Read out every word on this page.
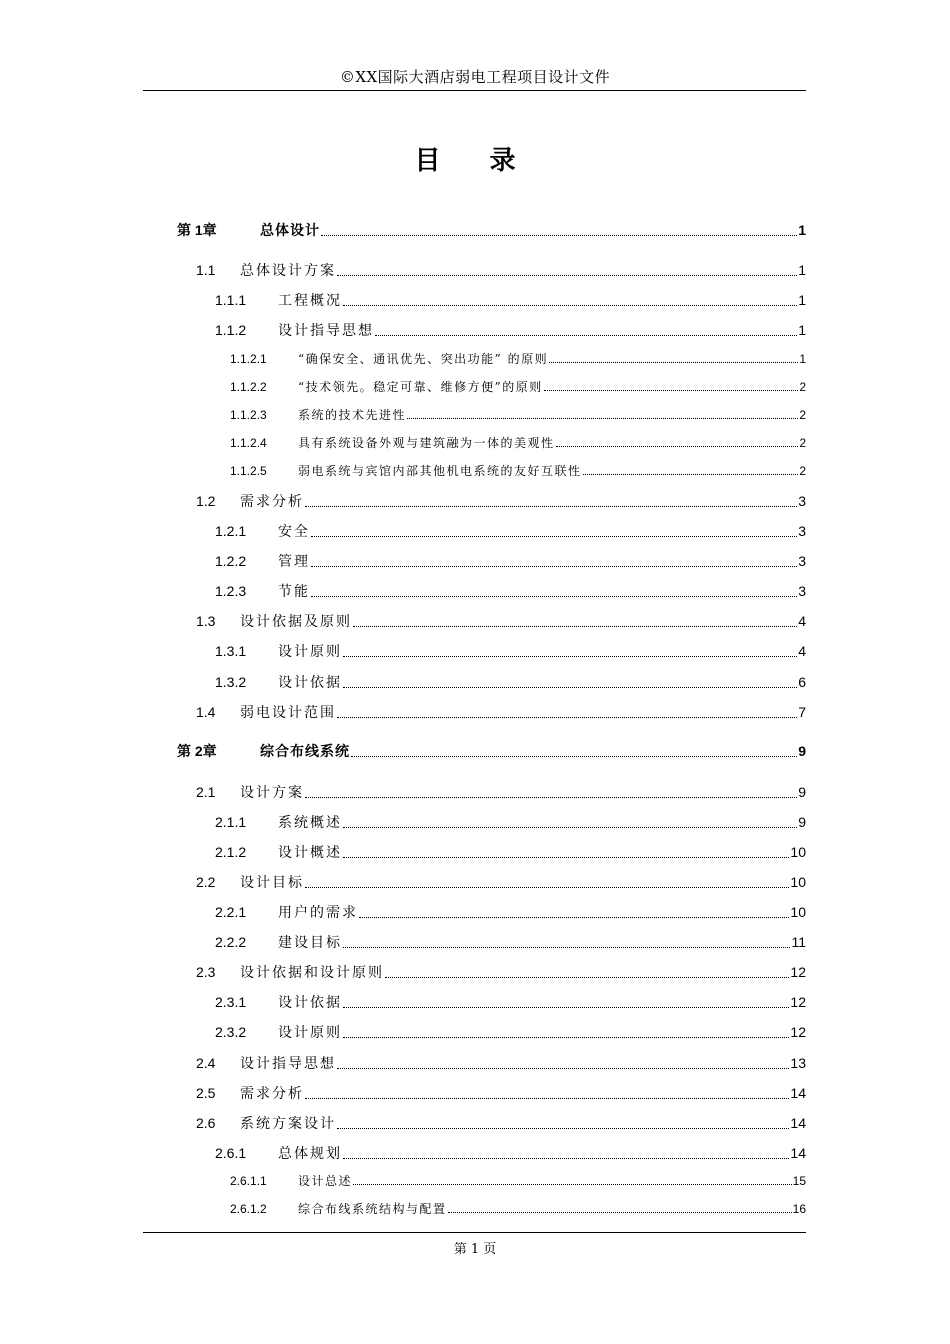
©XX国际大酒店弱电工程项目设计文件
目 录
第 1章	总体设计	1
1.1	总体设计方案	1
1.1.1	工程概况	1
1.1.2	设计指导思想	1
1.1.2.1	“确保安全、通讯优先、突出功能” 的原则	1
1.1.2.2	“技术领先。稳定可靠、维修方便”的原则	2
1.1.2.3	系统的技术先进性	2
1.1.2.4	具有系统设备外观与建筑融为一体的美观性	2
1.1.2.5	弱电系统与宾馆内部其他机电系统的友好互联性	2
1.2	需求分析	3
1.2.1	安全	3
1.2.2	管理	3
1.2.3	节能	3
1.3	设计依据及原则	4
1.3.1	设计原则	4
1.3.2	设计依据	6
1.4	弱电设计范围	7
第 2章	综合布线系统	9
2.1	设计方案	9
2.1.1	系统概述	9
2.1.2	设计概述	10
2.2	设计目标	10
2.2.1	用户的需求	10
2.2.2	建设目标	11
2.3	设计依据和设计原则	12
2.3.1	设计依据	12
2.3.2	设计原则	12
2.4	设计指导思想	13
2.5	需求分析	14
2.6	系统方案设计	14
2.6.1	总体规划	14
2.6.1.1	设计总述	15
2.6.1.2	综合布线系统结构与配置	16
第 1 页
